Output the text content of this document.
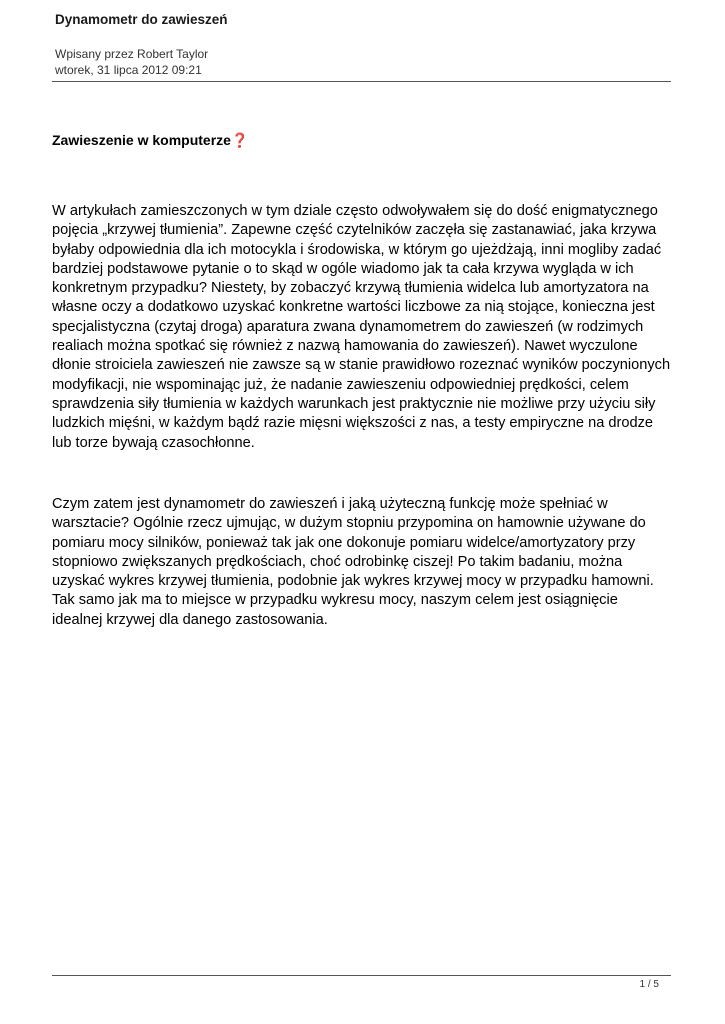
Dynamometr do zawieszeń
Wpisany przez Robert Taylor
wtorek, 31 lipca 2012 09:21
Zawieszenie w komputerze❓
W artykułach zamieszczonych w tym dziale często odwoływałem się do dość enigmatycznego
pojęcia „krzywej tłumienia”. Zapewne część czytelników zaczęła się zastanawiać, jaka krzywa
byłaby odpowiednia dla ich motocykla i środowiska, w którym go ujeżdżają, inni mogliby zadać
bardziej podstawowe pytanie o to skąd w ogóle wiadomo jak ta cała krzywa wygląda w ich
konkretnym przypadku? Niestety, by zobaczyć krzywą tłumienia widelca lub amortyzatora na
własne oczy a dodatkowo uzyskać konkretne wartości liczbowe za nią stojące, konieczna jest
specjalistyczna (czytaj droga) aparatura zwana dynamometrem do zawieszeń (w rodzimych
realiach można spotkać się również z nazwą hamowania do zawieszeń). Nawet wyczulone
dłonie stroiciela zawieszeń nie zawsze są w stanie prawidłowo rozeznać wyników poczynionych
modyfikacji, nie wspominając już, że nadanie zawieszeniu odpowiedniej prędkości, celem
sprawdzenia siły tłumienia w każdych warunkach jest praktycznie nie możliwe przy użyciu siły
ludzkich mięśni, w każdym bądź razie mięsni większości z nas, a testy empiryczne na drodze
lub torze bywają czasochłonne.
Czym zatem jest dynamometr do zawieszeń i jaką użyteczną funkcję może spełniać w
warsztacie? Ogólnie rzecz ujmując, w dużym stopniu przypomina on hamownie używane do
pomiaru mocy silników, ponieważ tak jak one dokonuje pomiaru widelce/amortyzatory przy
stopniowo zwiększanych prędkościach, choć odrobinkę ciszej! Po takim badaniu, można
uzyskać wykres krzywej tłumienia, podobnie jak wykres krzywej mocy w przypadku hamowni.
Tak samo jak ma to miejsce w przypadku wykresu mocy, naszym celem jest osiągnięcie
idealnej krzywej dla danego zastosowania.
1 / 5
